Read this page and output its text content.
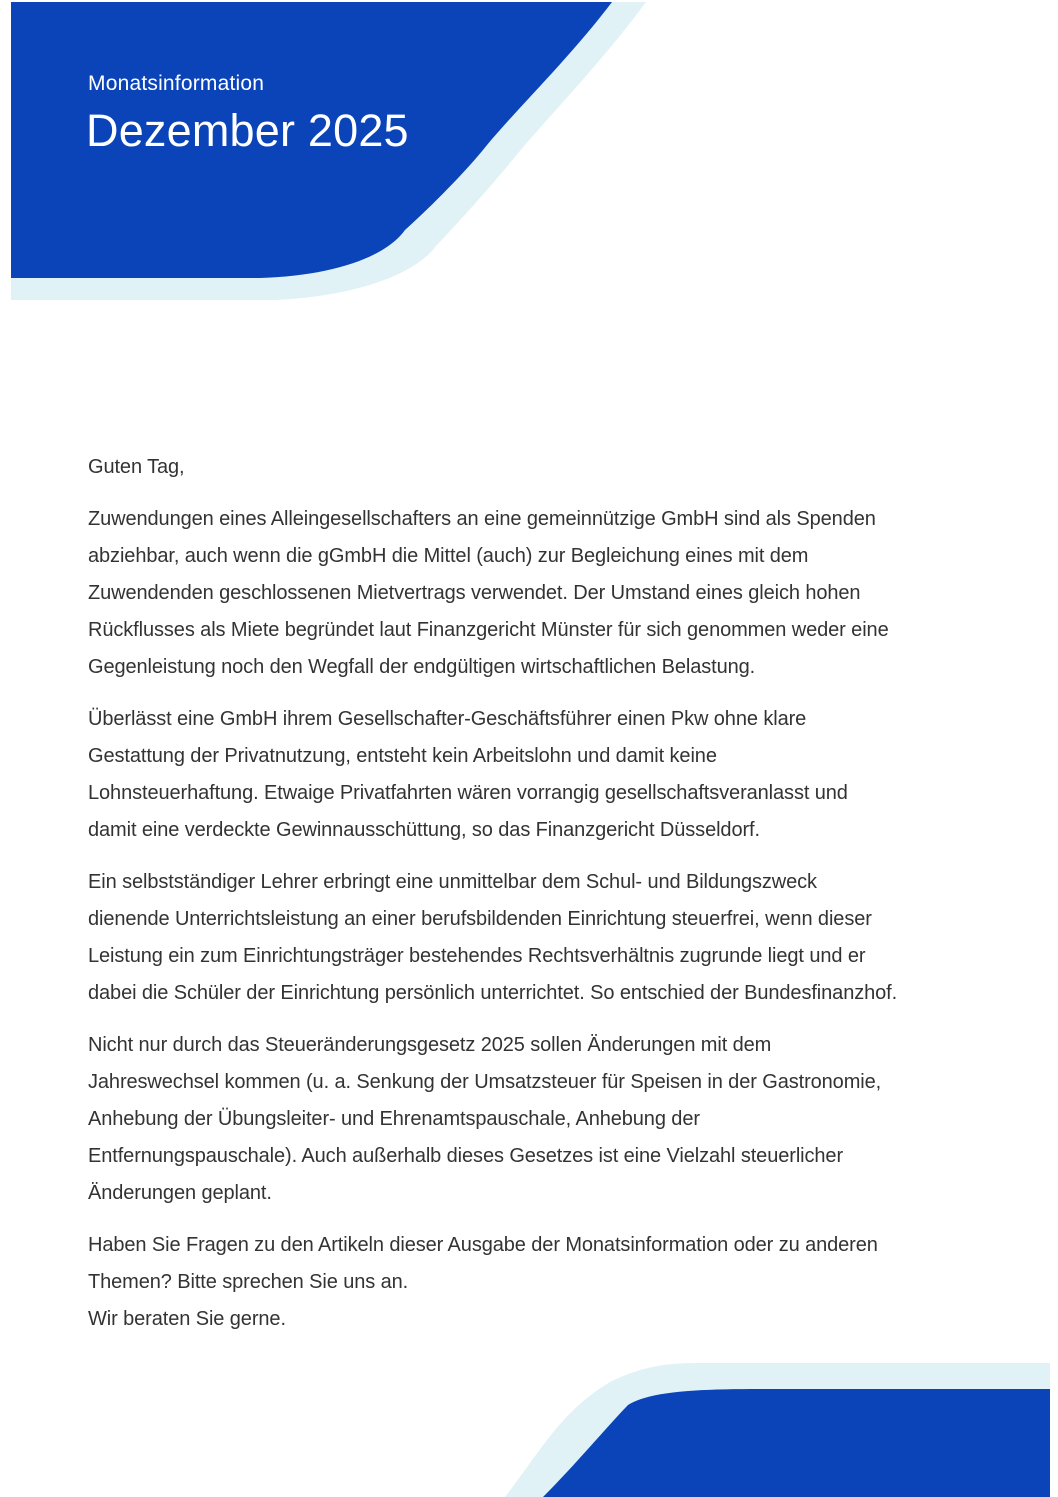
Monatsinformation
Dezember 2025
Guten Tag,
Zuwendungen eines Alleingesellschafters an eine gemeinnützige GmbH sind als Spenden
abziehbar, auch wenn die gGmbH die Mittel (auch) zur Begleichung eines mit dem
Zuwendenden geschlossenen Mietvertrags verwendet. Der Umstand eines gleich hohen
Rückflusses als Miete begründet laut Finanzgericht Münster für sich genommen weder eine
Gegenleistung noch den Wegfall der endgültigen wirtschaftlichen Belastung.
Überlässt eine GmbH ihrem Gesellschafter-Geschäftsführer einen Pkw ohne klare
Gestattung der Privatnutzung, entsteht kein Arbeitslohn und damit keine
Lohnsteuerhaftung. Etwaige Privatfahrten wären vorrangig gesellschaftsveranlasst und
damit eine verdeckte Gewinnausschüttung, so das Finanzgericht Düsseldorf.
Ein selbstständiger Lehrer erbringt eine unmittelbar dem Schul- und Bildungszweck
dienende Unterrichtsleistung an einer berufsbildenden Einrichtung steuerfrei, wenn dieser
Leistung ein zum Einrichtungsträger bestehendes Rechtsverhältnis zugrunde liegt und er
dabei die Schüler der Einrichtung persönlich unterrichtet. So entschied der Bundesfinanzhof.
Nicht nur durch das Steueränderungsgesetz 2025 sollen Änderungen mit dem
Jahreswechsel kommen (u. a. Senkung der Umsatzsteuer für Speisen in der Gastronomie,
Anhebung der Übungsleiter- und Ehrenamtspauschale, Anhebung der
Entfernungspauschale). Auch außerhalb dieses Gesetzes ist eine Vielzahl steuerlicher
Änderungen geplant.
Haben Sie Fragen zu den Artikeln dieser Ausgabe der Monatsinformation oder zu anderen
Themen? Bitte sprechen Sie uns an.
Wir beraten Sie gerne.
